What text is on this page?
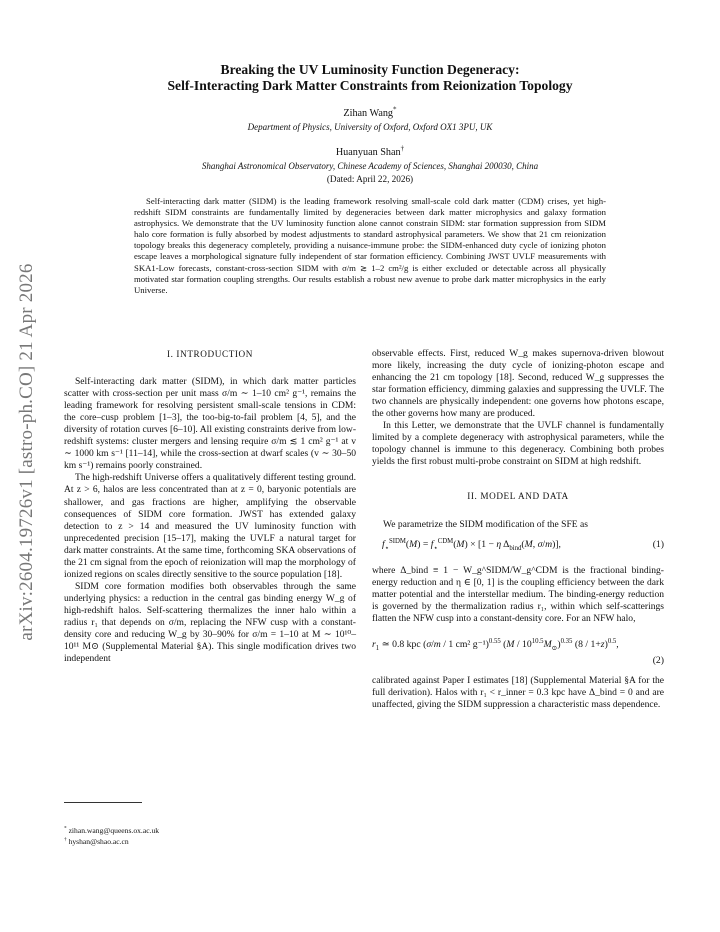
arXiv:2604.19726v1 [astro-ph.CO] 21 Apr 2026
Breaking the UV Luminosity Function Degeneracy:
Self-Interacting Dark Matter Constraints from Reionization Topology
Zihan Wang*
Department of Physics, University of Oxford, Oxford OX1 3PU, UK
Huanyuan Shan†
Shanghai Astronomical Observatory, Chinese Academy of Sciences, Shanghai 200030, China
(Dated: April 22, 2026)
Self-interacting dark matter (SIDM) is the leading framework resolving small-scale cold dark matter (CDM) crises, yet high-redshift SIDM constraints are fundamentally limited by degeneracies between dark matter microphysics and galaxy formation astrophysics. We demonstrate that the UV luminosity function alone cannot constrain SIDM: star formation suppression from SIDM halo core formation is fully absorbed by modest adjustments to standard astrophysical parameters. We show that 21 cm reionization topology breaks this degeneracy completely, providing a nuisance-immune probe: the SIDM-enhanced duty cycle of ionizing photon escape leaves a morphological signature fully independent of star formation efficiency. Combining JWST UVLF measurements with SKA1-Low forecasts, constant-cross-section SIDM with σ/m ≳ 1–2 cm²/g is either excluded or detectable across all physically motivated star formation coupling strengths. Our results establish a robust new avenue to probe dark matter microphysics in the early Universe.
I. INTRODUCTION

Self-interacting dark matter (SIDM), in which dark matter particles scatter with cross-section per unit mass σ/m ∼ 1–10 cm² g⁻¹, remains the leading framework for resolving persistent small-scale tensions in CDM: the core–cusp problem [1–3], the too-big-to-fail problem [4, 5], and the diversity of rotation curves [6–10]. All existing constraints derive from low-redshift systems: cluster mergers and lensing require σ/m ≲ 1 cm² g⁻¹ at v ∼ 1000 km s⁻¹ [11–14], while the cross-section at dwarf scales (v ∼ 30–50 km s⁻¹) remains poorly constrained.

The high-redshift Universe offers a qualitatively different testing ground. At z > 6, halos are less concentrated than at z = 0, baryonic potentials are shallower, and gas fractions are higher, amplifying the observable consequences of SIDM core formation. JWST has extended galaxy detection to z > 14 and measured the UV luminosity function with unprecedented precision [15–17], making the UVLF a natural target for dark matter constraints. At the same time, forthcoming SKA observations of the 21 cm signal from the epoch of reionization will map the morphology of ionized regions on scales directly sensitive to the source population [18].

SIDM core formation modifies both observables through the same underlying physics: a reduction in the central gas binding energy W_g of high-redshift halos. Self-scattering thermalizes the inner halo within a radius r₁ that depends on σ/m, replacing the NFW cusp with a constant-density core and reducing W_g by 30–90% for σ/m = 1–10 at M ∼ 10¹⁰–10¹¹ M⊙ (Supplemental Material §A). This single modification drives two independent

observable effects. First, reduced W_g makes supernova-driven blowout more likely, increasing the duty cycle of ionizing-photon escape and enhancing the 21 cm topology [18]. Second, reduced W_g suppresses the star formation efficiency, dimming galaxies and suppressing the UVLF. The two channels are physically independent: one governs how photons escape, the other governs how many are produced.

In this Letter, we demonstrate that the UVLF channel is fundamentally limited by a complete degeneracy with astrophysical parameters, while the topology channel is immune to this degeneracy. Combining both probes yields the first robust multi-probe constraint on SIDM at high redshift.

II. MODEL AND DATA

We parametrize the SIDM modification of the SFE as

$f_⋆^{SIDM}(M) = f_⋆^{CDM}(M) \times [1 - \eta$ $\Delta_{bind}(M$, σ/m)],	(1)

where Δ_bind ≡ 1 − W_g^SIDM/W_g^CDM is the fractional binding-energy reduction and η ∈ [0, 1] is the coupling efficiency between the dark matter potential and the interstellar medium. The binding-energy reduction is governed by the thermalization radius r₁, within which self-scatterings flatten the NFW cusp into a constant-density core. For an NFW halo,

$r_1$ ≃ 0.8 kpc (σ/m / 1 cm² g⁻¹)$^{0.55}$ $(M / 10^{10.5}M_⊙)^{0.35}$ $(8 / 1+z)^{0.5}$,
(2)

calibrated against Paper I estimates [18] (Supplemental Material §A for the full derivation). Halos with r₁ < r_inner = 0.3 kpc have Δ_bind = 0 and are unaffected, giving the SIDM suppression a characteristic mass dependence.

* zihan.wang@queens.ox.ac.uk
† hyshan@shao.ac.cn
